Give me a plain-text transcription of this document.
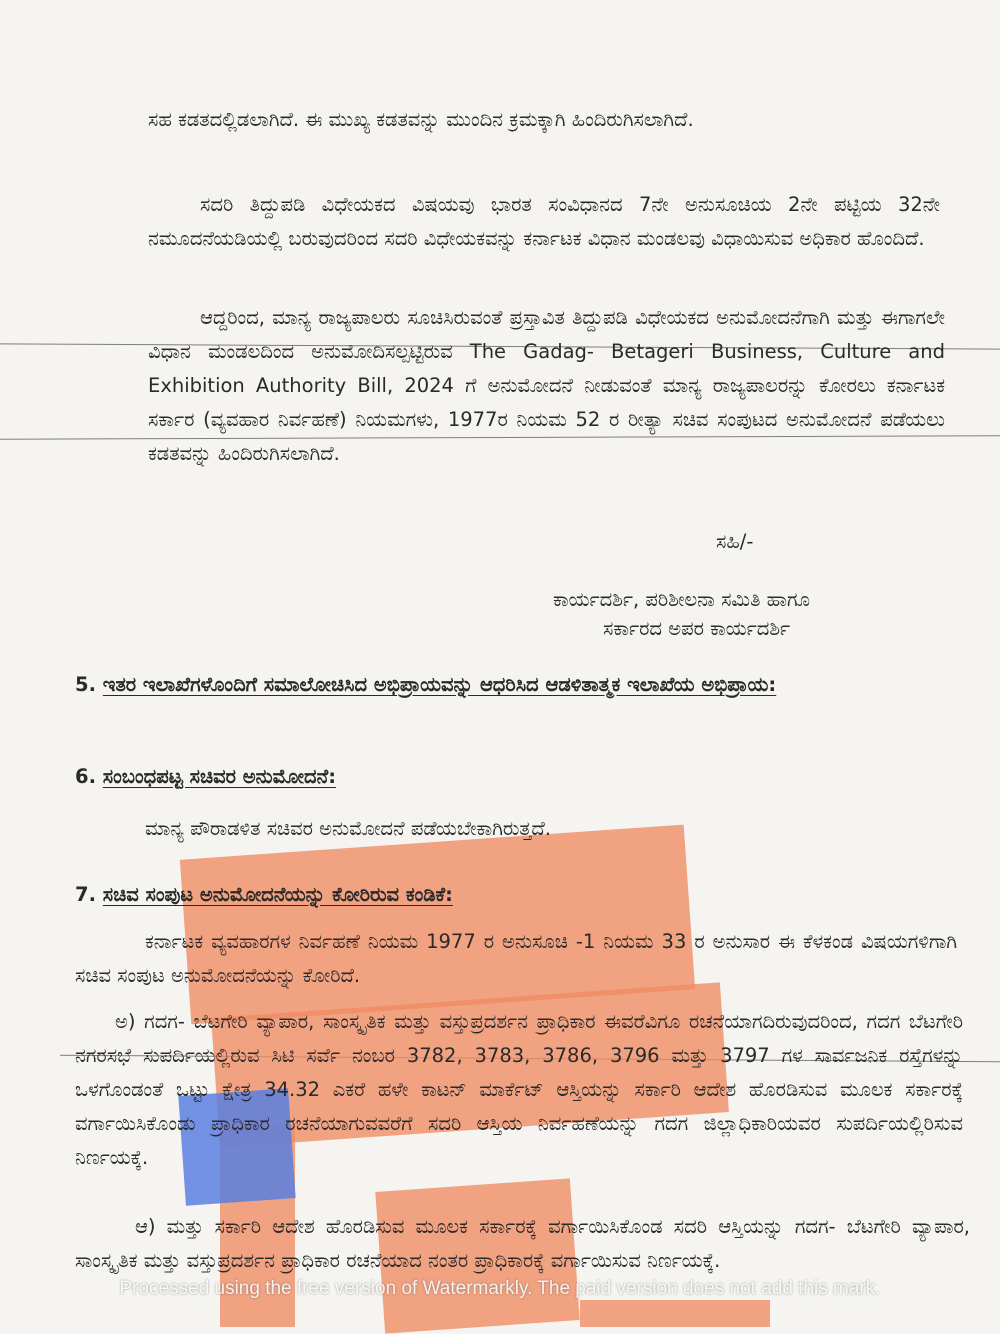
ಸಹ ಕಡತದಲ್ಲಿಡಲಾಗಿದೆ. ಈ ಮುಖ್ಯ ಕಡತವನ್ನು ಮುಂದಿನ ಕ್ರಮಕ್ಕಾಗಿ ಹಿಂದಿರುಗಿಸಲಾಗಿದೆ.

ಸದರಿ ತಿದ್ದುಪಡಿ ವಿಧೇಯಕದ ವಿಷಯವು ಭಾರತ ಸಂವಿಧಾನದ 7ನೇ ಅನುಸೂಚಿಯ 2ನೇ ಪಟ್ಟಿಯ 32ನೇ ನಮೂದನೆಯಡಿಯಲ್ಲಿ ಬರುವುದರಿಂದ ಸದರಿ ವಿಧೇಯಕವನ್ನು ಕರ್ನಾಟಕ ವಿಧಾನ ಮಂಡಲವು ವಿಧಾಯಿಸುವ ಅಧಿಕಾರ ಹೊಂದಿದೆ.

ಆದ್ದರಿಂದ, ಮಾನ್ಯ ರಾಜ್ಯಪಾಲರು ಸೂಚಿಸಿರುವಂತೆ ಪ್ರಸ್ತಾವಿತ ತಿದ್ದುಪಡಿ ವಿಧೇಯಕದ ಅನುಮೋದನೆಗಾಗಿ ಮತ್ತು ಈಗಾಗಲೇ ವಿಧಾನ ಮಂಡಲದಿಂದ ಅನುಮೋದಿಸಲ್ಪಟ್ಟಿರುವ The Gadag- Betageri Business, Culture and Exhibition Authority Bill, 2024 ಗೆ ಅನುಮೋದನೆ ನೀಡುವಂತೆ ಮಾನ್ಯ ರಾಜ್ಯಪಾಲರನ್ನು ಕೋರಲು ಕರ್ನಾಟಕ ಸರ್ಕಾರ (ವ್ಯವಹಾರ ನಿರ್ವಹಣೆ) ನಿಯಮಗಳು, 1977ರ ನಿಯಮ 52 ರ ರೀತ್ಯಾ ಸಚಿವ ಸಂಪುಟದ ಅನುಮೋದನೆ ಪಡೆಯಲು ಕಡತವನ್ನು ಹಿಂದಿರುಗಿಸಲಾಗಿದೆ.

ಸಹಿ/-

ಕಾರ್ಯದರ್ಶಿ, ಪರಿಶೀಲನಾ ಸಮಿತಿ ಹಾಗೂ

ಸರ್ಕಾರದ ಅಪರ ಕಾರ್ಯದರ್ಶಿ

5. ಇತರ ಇಲಾಖೆಗಳೊಂದಿಗೆ ಸಮಾಲೋಚಿಸಿದ ಅಭಿಪ್ರಾಯವನ್ನು ಆಧರಿಸಿದ ಆಡಳಿತಾತ್ಮಕ ಇಲಾಖೆಯ ಅಭಿಪ್ರಾಯ:

6. ಸಂಬಂಧಪಟ್ಟ ಸಚಿವರ ಅನುಮೋದನೆ:

ಮಾನ್ಯ ಪೌರಾಡಳಿತ ಸಚಿವರ ಅನುಮೋದನೆ ಪಡೆಯಬೇಕಾಗಿರುತ್ತದೆ.

7. ಸಚಿವ ಸಂಪುಟ ಅನುಮೋದನೆಯನ್ನು ಕೋರಿರುವ ಕಂಡಿಕೆ:

ಕರ್ನಾಟಕ ವ್ಯವಹಾರಗಳ ನಿರ್ವಹಣೆ ನಿಯಮ 1977 ರ ಅನುಸೂಚಿ -1 ನಿಯಮ 33 ರ ಅನುಸಾರ ಈ ಕೆಳಕಂಡ ವಿಷಯಗಳಿಗಾಗಿ ಸಚಿವ ಸಂಪುಟ ಅನುಮೋದನೆಯನ್ನು ಕೋರಿದೆ.

ಅ) ಗದಗ- ಬೆಟಗೇರಿ ವ್ಯಾಪಾರ, ಸಾಂಸ್ಕೃತಿಕ ಮತ್ತು ವಸ್ತುಪ್ರದರ್ಶನ ಪ್ರಾಧಿಕಾರ ಈವರೆವಿಗೂ ರಚನೆಯಾಗದಿರುವುದರಿಂದ, ಗದಗ ಬೆಟಗೇರಿ ನಗರಸಭೆ ಸುಪರ್ದಿಯಲ್ಲಿರುವ ಸಿಟಿ ಸರ್ವೆ ನಂಬರ 3782, 3783, 3786, 3796 ಮತ್ತು 3797 ಗಳ ಸಾರ್ವಜನಿಕ ರಸ್ತೆಗಳನ್ನು ಒಳಗೊಂಡಂತೆ ಒಟ್ಟು ಕ್ಷೇತ್ರ 34.32 ಎಕರೆ ಹಳೇ ಕಾಟನ್ ಮಾರ್ಕೆಟ್ ಆಸ್ತಿಯನ್ನು ಸರ್ಕಾರಿ ಆದೇಶ ಹೊರಡಿಸುವ ಮೂಲಕ ಸರ್ಕಾರಕ್ಕೆ ವರ್ಗಾಯಿಸಿಕೊಂಡು ಪ್ರಾಧಿಕಾರ ರಚನೆಯಾಗುವವರೆಗೆ ಸದರಿ ಆಸ್ತಿಯ ನಿರ್ವಹಣೆಯನ್ನು ಗದಗ ಜಿಲ್ಲಾಧಿಕಾರಿಯವರ ಸುಪರ್ದಿಯಲ್ಲಿರಿಸುವ ನಿರ್ಣಯಕ್ಕೆ.

ಆ) ಮತ್ತು ಸರ್ಕಾರಿ ಆದೇಶ ಹೊರಡಿಸುವ ಮೂಲಕ ಸರ್ಕಾರಕ್ಕೆ ವರ್ಗಾಯಿಸಿಕೊಂಡ ಸದರಿ ಆಸ್ತಿಯನ್ನು ಗದಗ- ಬೆಟಗೇರಿ ವ್ಯಾಪಾರ, ಸಾಂಸ್ಕೃತಿಕ ಮತ್ತು ವಸ್ತುಪ್ರದರ್ಶನ ಪ್ರಾಧಿಕಾರ ರಚನೆಯಾದ ನಂತರ ಪ್ರಾಧಿಕಾರಕ್ಕೆ ವರ್ಗಾಯಿಸುವ ನಿರ್ಣಯಕ್ಕೆ.

Processed using the free version of Watermarkly. The paid version does not add this mark.
